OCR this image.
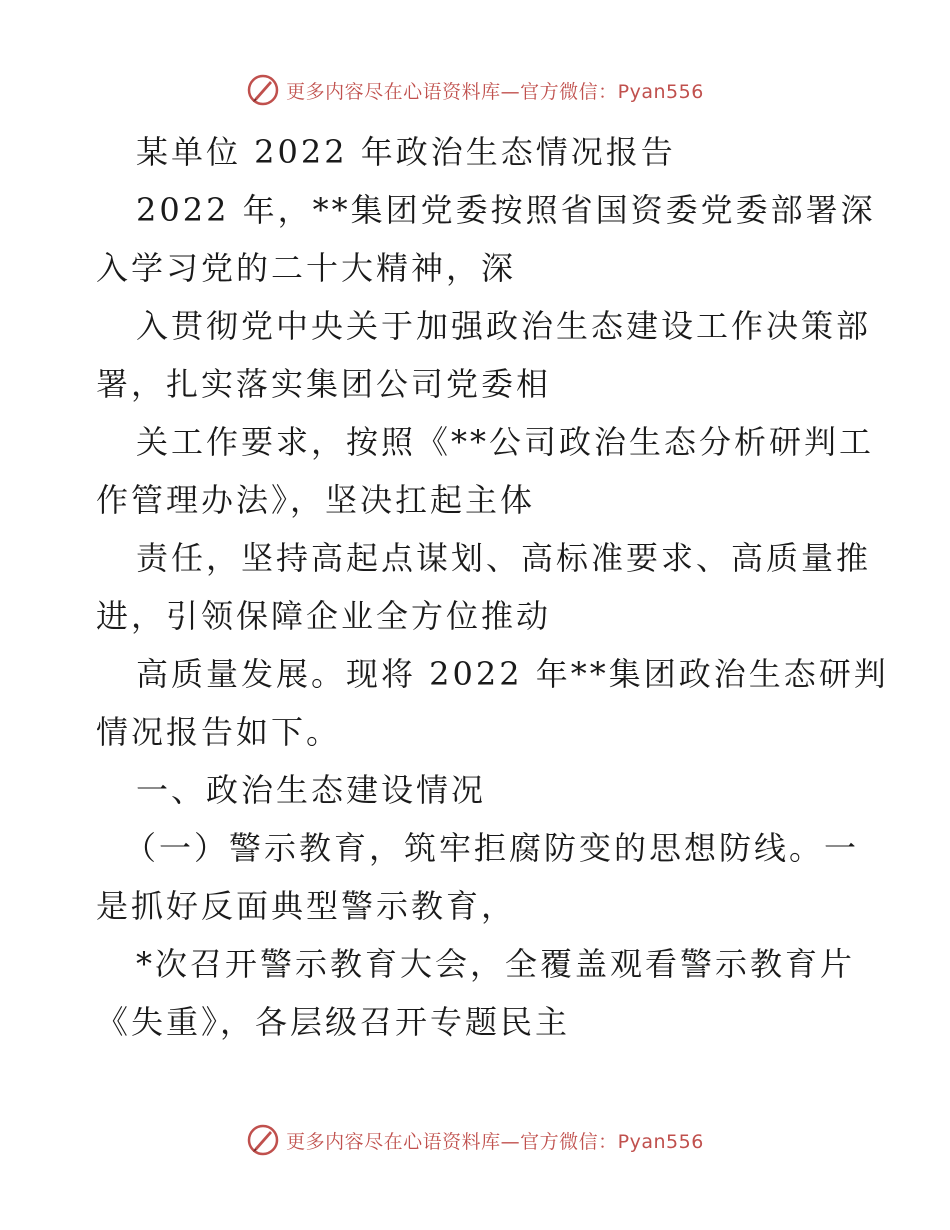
更多内容尽在心语资料库—官方微信：Pyan556

某单位 2022 年政治生态情况报告

2022 年，**集团党委按照省国资委党委部署深

入学习党的二十大精神，深

入贯彻党中央关于加强政治生态建设工作决策部

署，扎实落实集团公司党委相

关工作要求，按照《**公司政治生态分析研判工

作管理办法》，坚决扛起主体

责任，坚持高起点谋划、高标准要求、高质量推

进，引领保障企业全方位推动

高质量发展。现将 2022 年**集团政治生态研判

情况报告如下。

一、政治生态建设情况

（一）警示教育，筑牢拒腐防变的思想防线。一

是抓好反面典型警示教育，

*次召开警示教育大会，全覆盖观看警示教育片

《失重》，各层级召开专题民主

更多内容尽在心语资料库—官方微信：Pyan556
